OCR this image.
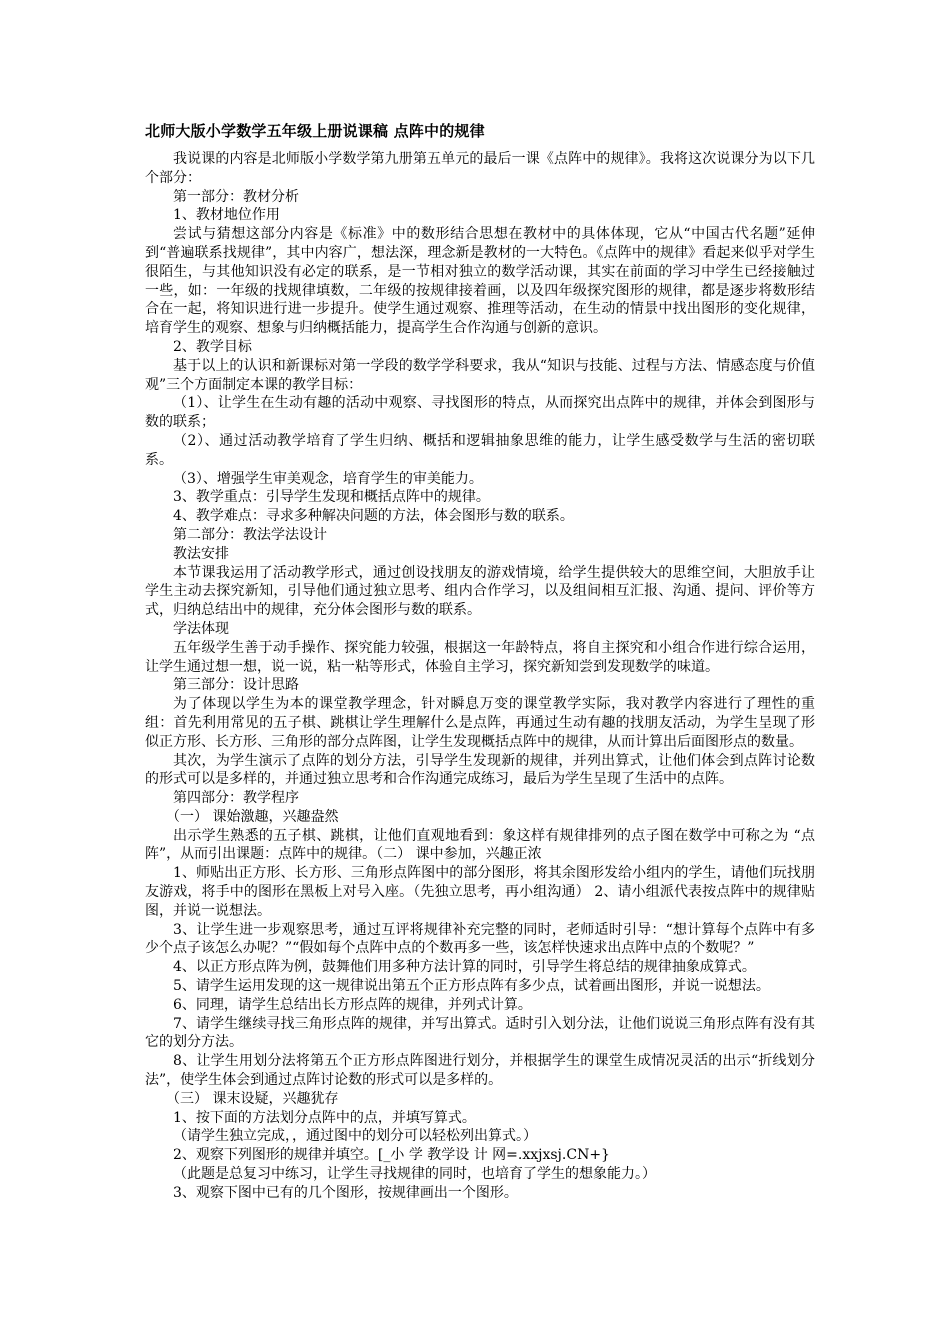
北师大版小学数学五年级上册说课稿 点阵中的规律

我说课的内容是北师版小学数学第九册第五单元的最后一课《点阵中的规律》。我将这次说课分为以下几个部分：

第一部分：教材分析

1、教材地位作用

尝试与猜想这部分内容是《标准》中的数形结合思想在教材中的具体体现，它从“中国古代名题”延伸到“普遍联系找规律”，其中内容广，想法深，理念新是教材的一大特色。《点阵中的规律》看起来似乎对学生很陌生，与其他知识没有必定的联系，是一节相对独立的数学活动课，其实在前面的学习中学生已经接触过一些，如：一年级的找规律填数，二年级的按规律接着画，以及四年级探究图形的规律，都是逐步将数形结合在一起，将知识进行进一步提升。使学生通过观察、推理等活动，在生动的情景中找出图形的变化规律，培育学生的观察、想象与归纳概括能力，提高学生合作沟通与创新的意识。

2、教学目标

基于以上的认识和新课标对第一学段的数学学科要求，我从“知识与技能、过程与方法、情感态度与价值观”三个方面制定本课的教学目标：

（1）、让学生在生动有趣的活动中观察、寻找图形的特点，从而探究出点阵中的规律，并体会到图形与数的联系；

（2）、通过活动教学培育了学生归纳、概括和逻辑抽象思维的能力，让学生感受数学与生活的密切联系。

（3）、增强学生审美观念，培育学生的审美能力。

3、教学重点：引导学生发现和概括点阵中的规律。

4、教学难点：寻求多种解决问题的方法，体会图形与数的联系。

第二部分：教法学法设计

教法安排

本节课我运用了活动教学形式，通过创设找朋友的游戏情境，给学生提供较大的思维空间，大胆放手让学生主动去探究新知，引导他们通过独立思考、组内合作学习，以及组间相互汇报、沟通、提问、评价等方式，归纳总结出中的规律，充分体会图形与数的联系。

学法体现

五年级学生善于动手操作、探究能力较强，根据这一年龄特点，将自主探究和小组合作进行综合运用，让学生通过想一想，说一说，粘一粘等形式，体验自主学习，探究新知尝到发现数学的味道。

第三部分：设计思路

为了体现以学生为本的课堂教学理念，针对瞬息万变的课堂教学实际，我对教学内容进行了理性的重组：首先利用常见的五子棋、跳棋让学生理解什么是点阵，再通过生动有趣的找朋友活动，为学生呈现了形似正方形、长方形、三角形的部分点阵图，让学生发现概括点阵中的规律，从而计算出后面图形点的数量。

其次，为学生演示了点阵的划分方法，引导学生发现新的规律，并列出算式，让他们体会到点阵讨论数的形式可以是多样的，并通过独立思考和合作沟通完成练习，最后为学生呈现了生活中的点阵。

第四部分：教学程序

（一） 课始激趣，兴趣盎然

出示学生熟悉的五子棋、跳棋，让他们直观地看到：象这样有规律排列的点子图在数学中可称之为 “点阵”，从而引出课题：点阵中的规律。（二） 课中参加，兴趣正浓

1、师贴出正方形、长方形、三角形点阵图中的部分图形，将其余图形发给小组内的学生，请他们玩找朋友游戏，将手中的图形在黑板上对号入座。（先独立思考，再小组沟通） 2、请小组派代表按点阵中的规律贴图，并说一说想法。

3、让学生进一步观察思考，通过互评将规律补充完整的同时，老师适时引导：“想计算每个点阵中有多少个点子该怎么办呢？”“假如每个点阵中点的个数再多一些，该怎样快速求出点阵中点的个数呢？”

4、以正方形点阵为例，鼓舞他们用多种方法计算的同时，引导学生将总结的规律抽象成算式。

5、请学生运用发现的这一规律说出第五个正方形点阵有多少点，试着画出图形，并说一说想法。

6、同理，请学生总结出长方形点阵的规律，并列式计算。

7、请学生继续寻找三角形点阵的规律，并写出算式。适时引入划分法，让他们说说三角形点阵有没有其它的划分方法。

8、让学生用划分法将第五个正方形点阵图进行划分，并根据学生的课堂生成情况灵活的出示“折线划分法”，使学生体会到通过点阵讨论数的形式可以是多样的。

（三） 课末设疑，兴趣犹存

1、按下面的方法划分点阵中的点，并填写算式。

（请学生独立完成，，通过图中的划分可以轻松列出算式。）

2、观察下列图形的规律并填空。[_小 学 教学设 计 网=.xxjxsj.CN+}

（此题是总复习中练习，让学生寻找规律的同时，也培育了学生的想象能力。）

3、观察下图中已有的几个图形，按规律画出一个图形。
